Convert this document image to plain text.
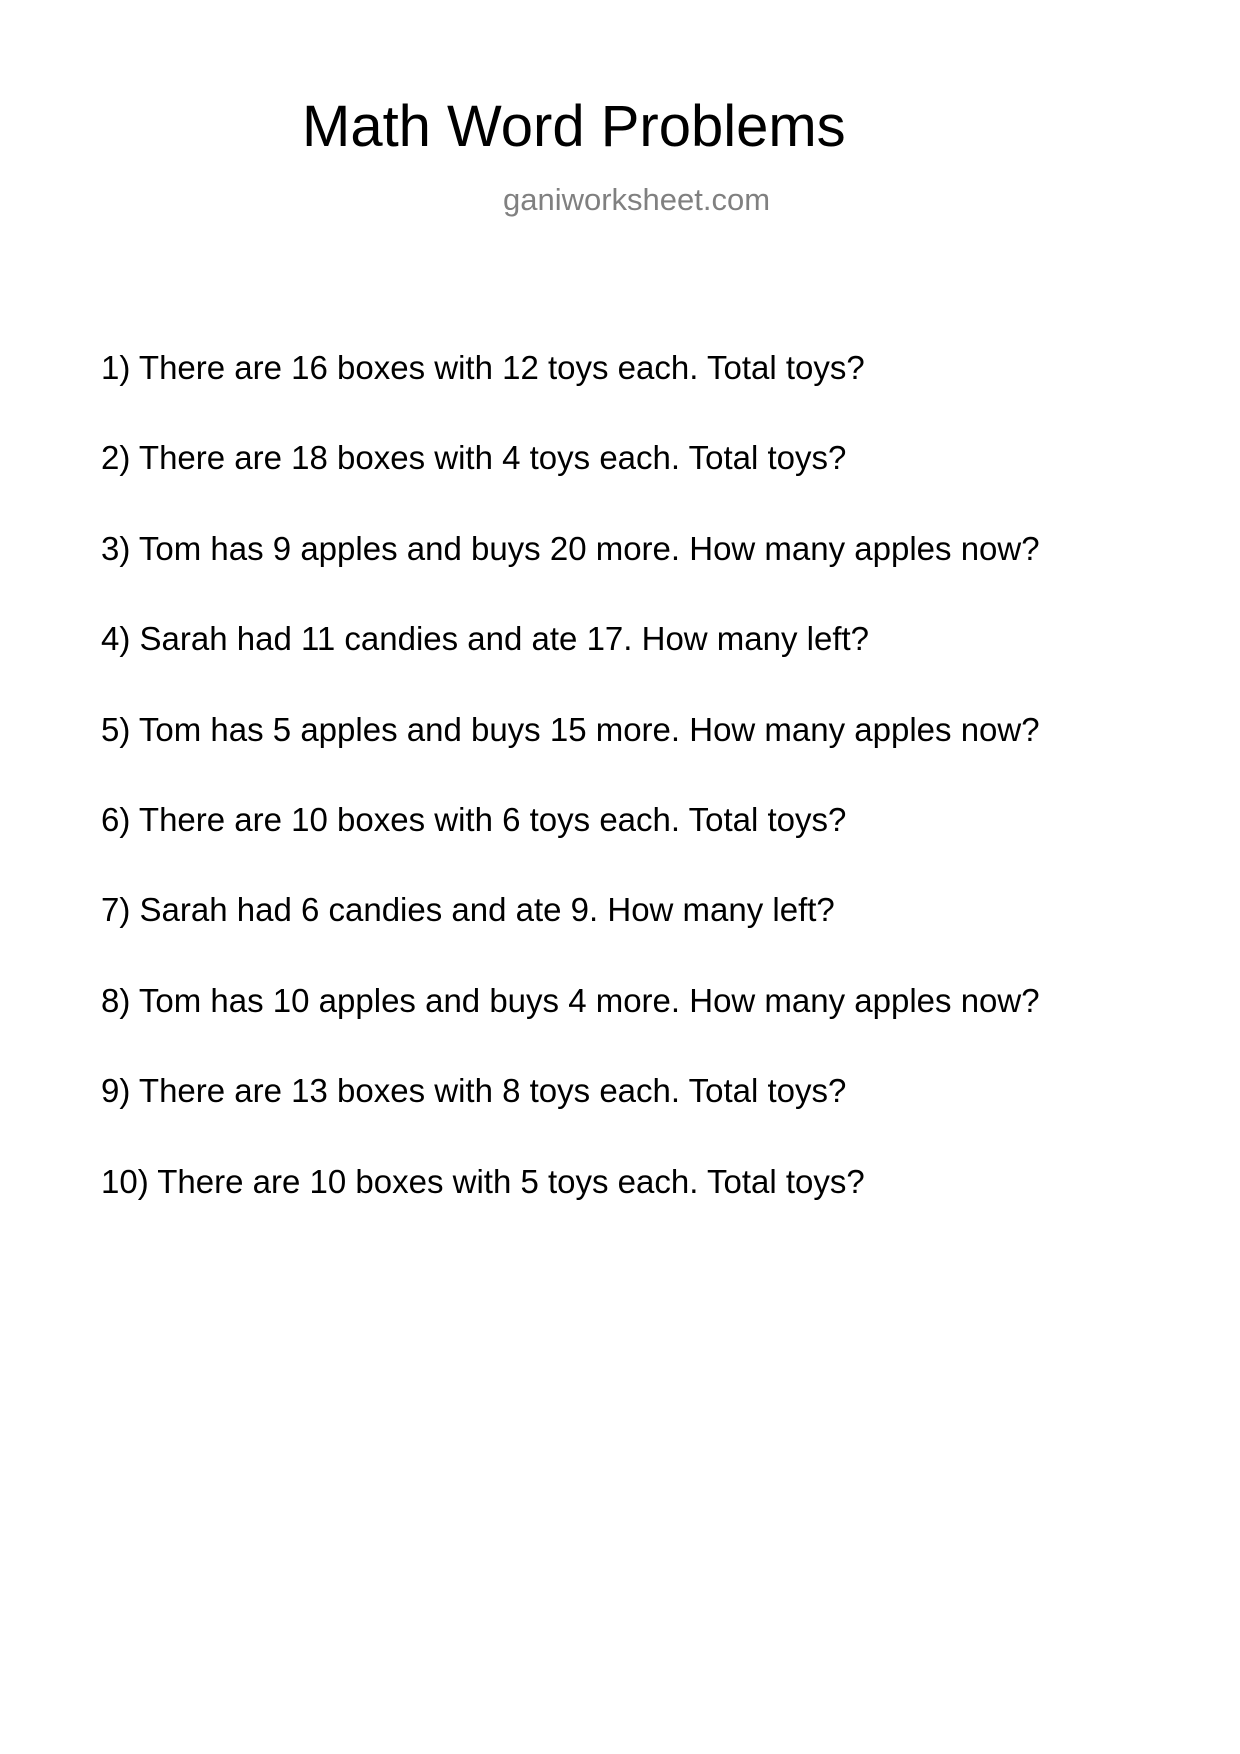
Math Word Problems
ganiworksheet.com
1) There are 16 boxes with 12 toys each. Total toys?
2) There are 18 boxes with 4 toys each. Total toys?
3) Tom has 9 apples and buys 20 more. How many apples now?
4) Sarah had 11 candies and ate 17. How many left?
5) Tom has 5 apples and buys 15 more. How many apples now?
6) There are 10 boxes with 6 toys each. Total toys?
7) Sarah had 6 candies and ate 9. How many left?
8) Tom has 10 apples and buys 4 more. How many apples now?
9) There are 13 boxes with 8 toys each. Total toys?
10) There are 10 boxes with 5 toys each. Total toys?
